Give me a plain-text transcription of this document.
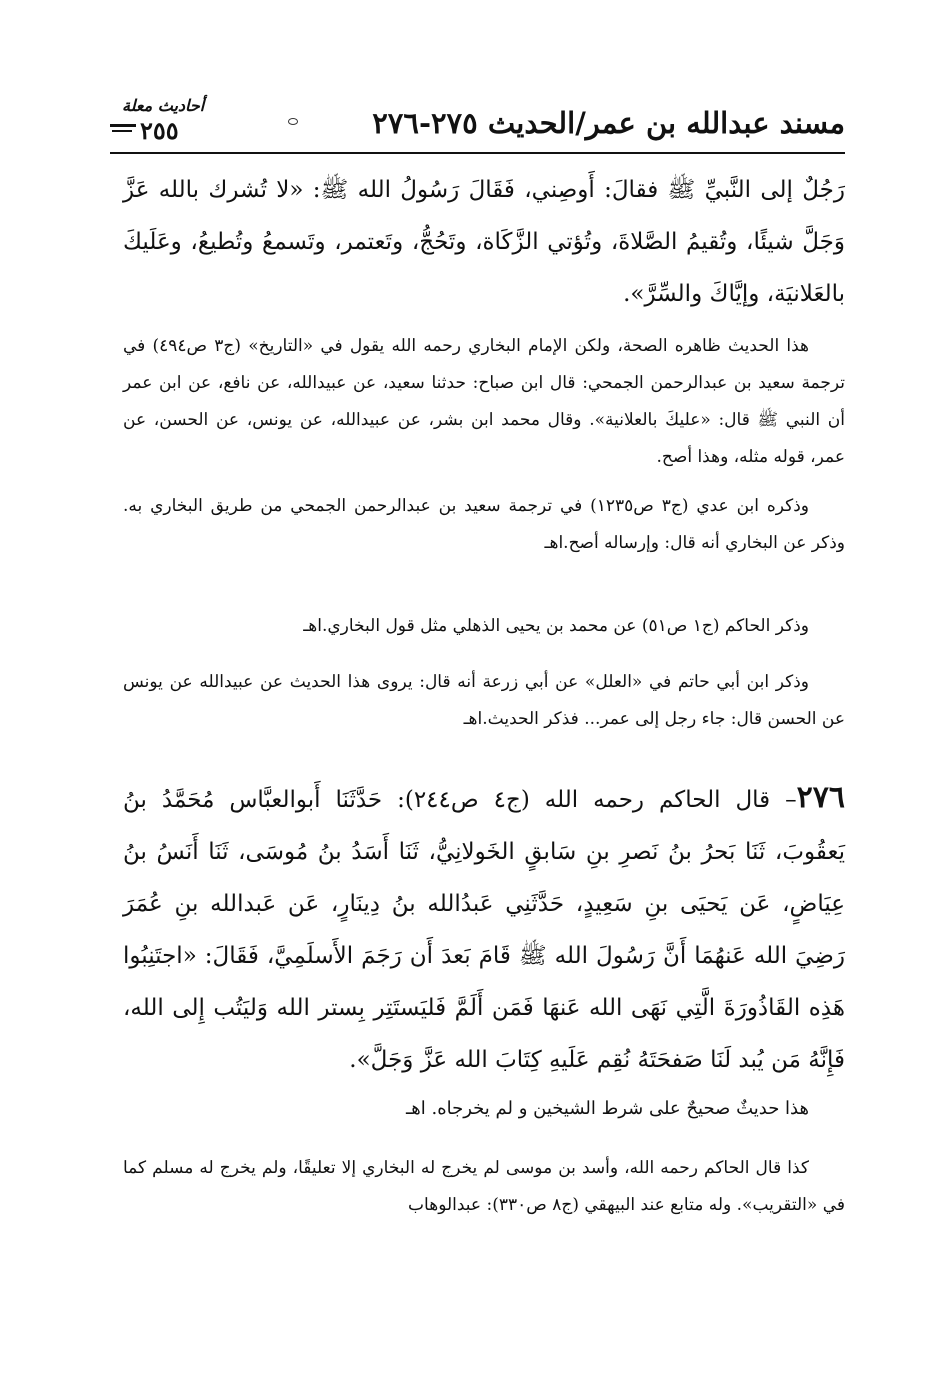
مسند عبدالله بن عمر/الحديث ٢٧٥-٢٧٦
أحاديث معلة
٢٥٥

رَجُلٌ إلى النَّبيِّ ﷺ فقالَ: أَوصِني، فَقَالَ رَسُولُ الله ﷺ: «لا تُشرك بالله عَزَّ وَجَلَّ شيئًا، وتُقيمُ الصَّلاةَ، وتُؤتي الزَّكَاة، وتَحُجُّ، وتَعتمر، وتَسمعُ وتُطيعُ، وعَلَيكَ بالعَلانيَة، وإيَّاكَ والسِّرَّ».

هذا الحديث ظاهره الصحة، ولكن الإمام البخاري رحمه الله يقول في «التاريخ» (ج٣ ص٤٩٤) في ترجمة سعيد بن عبدالرحمن الجمحي: قال ابن صباح: حدثنا سعيد، عن عبيدالله، عن نافع، عن ابن عمر أن النبي ﷺ قال: «عليكَ بالعلانية». وقال محمد ابن بشر، عن عبيدالله، عن يونس، عن الحسن، عن عمر، قوله مثله، وهذا أصح.

وذكره ابن عدي (ج٣ ص١٢٣٥) في ترجمة سعيد بن عبدالرحمن الجمحي من طريق البخاري به. وذكر عن البخاري أنه قال: وإرساله أصح.اهـ

وذكر الحاكم (ج١ ص٥١) عن محمد بن يحيى الذهلي مثل قول البخاري.اهـ

وذكر ابن أبي حاتم في «العلل» عن أبي زرعة أنه قال: يروى هذا الحديث عن عبيدالله عن يونس عن الحسن قال: جاء رجل إلى عمر... فذكر الحديث.اهـ

٢٧٦– قال الحاكم رحمه الله (ج٤ ص٢٤٤): حَدَّثَنَا أَبوالعبَّاس مُحَمَّدُ بنُ يَعقُوبَ، ثَنَا بَحرُ بنُ نَصرِ بنِ سَابقٍ الخَولانِيُّ، ثَنَا أَسَدُ بنُ مُوسَى، ثَنَا أَنَسُ بنُ عِيَاضٍ، عَن يَحيَى بنِ سَعِيدٍ، حَدَّثَنِي عَبدُالله بنُ دِينَارٍ، عَن عَبدالله بنِ عُمَرَ رَضِيَ الله عَنهُمَا أَنَّ رَسُولَ الله ﷺ قَامَ بَعدَ أَن رَجَمَ الأَسلَمِيَّ، فَقَالَ: «اجتَنِبُوا هَذِه القَاذُورَةَ الَّتِي نَهَى الله عَنهَا فَمَن أَلَمَّ فَليَستَتِر بِستر الله وَليَتُب إِلى الله، فَإِنَّهُ مَن يُبد لَنَا صَفحَتَهُ نُقِم عَلَيهِ كِتَابَ الله عَزَّ وَجَلَّ».

هذا حديثٌ صحيحٌ على شرط الشيخين و لم يخرجاه. اهـ

كذا قال الحاكم رحمه الله، وأسد بن موسى لم يخرج له البخاري إلا تعليقًا، ولم يخرج له مسلم كما في «التقريب». وله متابع عند البيهقي (ج٨ ص٣٣٠): عبدالوهاب
